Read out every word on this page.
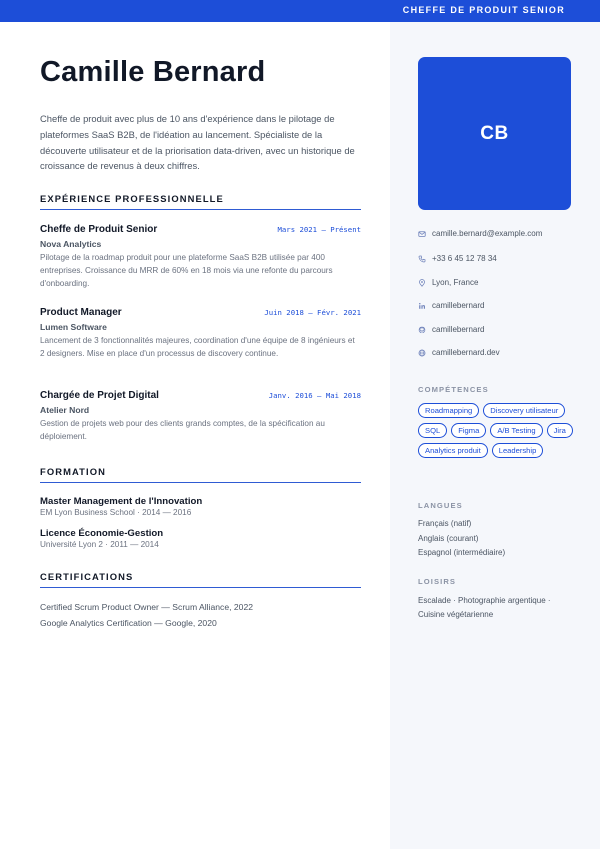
CHEFFE DE PRODUIT SENIOR
CB
camille.bernard@example.com
+33 6 45 12 78 34
Lyon, France
camillebernard
camillebernard
camillebernard.dev
COMPÉTENCES
Roadmapping	Discovery utilisateur
SQL	Figma	A/B Testing	Jira
Analytics produit	Leadership
LANGUES
Français (natif)
Anglais (courant)
Espagnol (intermédiaire)
LOISIRS
Escalade · Photographie argentique · Cuisine végétarienne
Camille Bernard

Cheffe de produit avec plus de 10 ans d'expérience dans le pilotage de plateformes SaaS B2B, de l'idéation au lancement. Spécialiste de la découverte utilisateur et de la priorisation data-driven, avec un historique de croissance de revenus à deux chiffres.

EXPÉRIENCE PROFESSIONNELLE
Cheffe de Produit Senior	Mars 2021 — Présent
Nova Analytics
Pilotage de la roadmap produit pour une plateforme SaaS B2B utilisée par 400 entreprises. Croissance du MRR de 60% en 18 mois via une refonte du parcours d'onboarding.
Product Manager	Juin 2018 — Févr. 2021
Lumen Software
Lancement de 3 fonctionnalités majeures, coordination d'une équipe de 8 ingénieurs et 2 designers. Mise en place d'un processus de discovery continue.
Chargée de Projet Digital	Janv. 2016 — Mai 2018
Atelier Nord
Gestion de projets web pour des clients grands comptes, de la spécification au déploiement.
FORMATION
Master Management de l'Innovation
EM Lyon Business School · 2014 — 2016
Licence Économie-Gestion
Université Lyon 2 · 2011 — 2014
CERTIFICATIONS
Certified Scrum Product Owner — Scrum Alliance, 2022
Google Analytics Certification — Google, 2020
